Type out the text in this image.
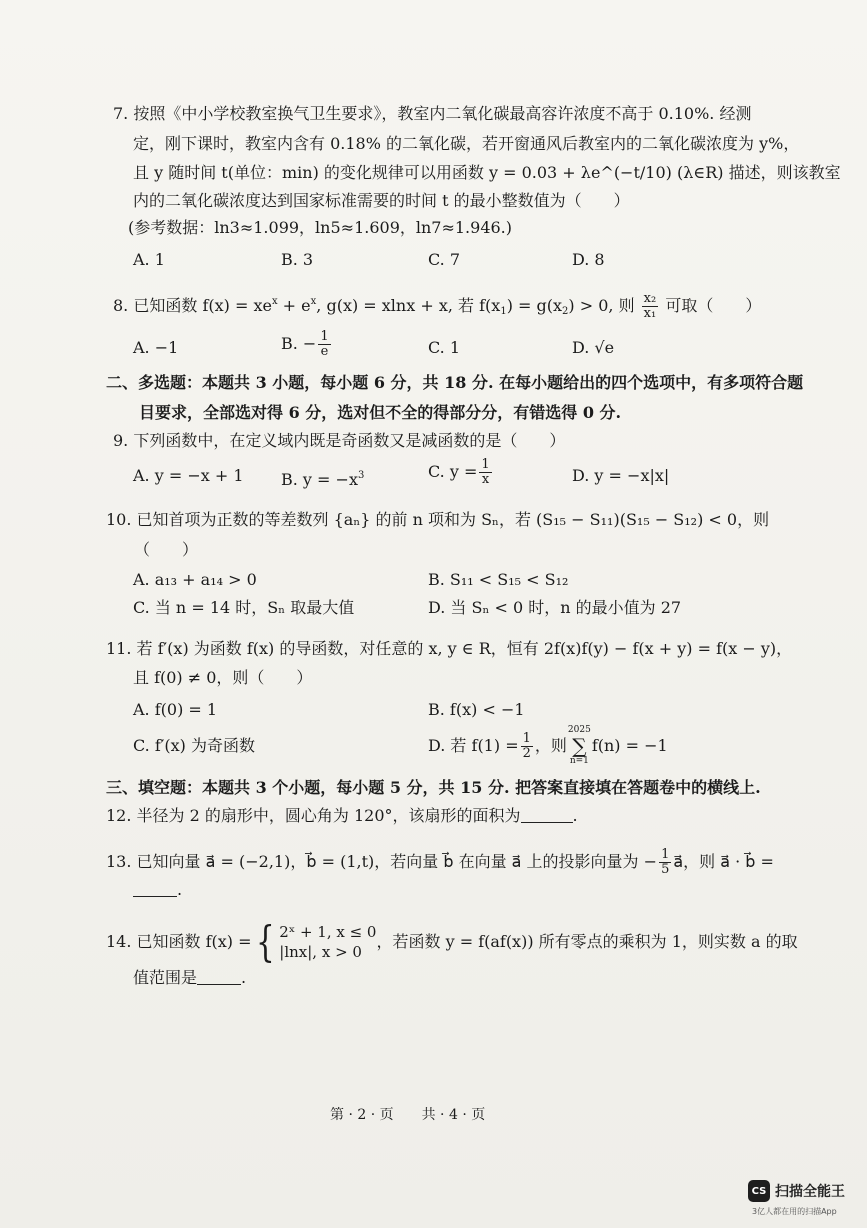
7. 按照《中小学校教室换气卫生要求》，教室内二氧化碳最高容许浓度不高于 0.10%. 经测
定，刚下课时，教室内含有 0.18% 的二氧化碳，若开窗通风后教室内的二氧化碳浓度为 y%，
且 y 随时间 t(单位：min) 的变化规律可以用函数 y = 0.03 + λe^(−t/10) (λ∈R) 描述，则该教室
内的二氧化碳浓度达到国家标准需要的时间 t 的最小整数值为（　　）
(参考数据：ln3≈1.099，ln5≈1.609，ln7≈1.946.)
A. 1	B. 3	C. 7	D. 8
8. 已知函数 $f(x) = xe^x + e^x$, g(x) = xlnx + x, 若 $f(x_1) = g(x_2) > 0$, 则 $\frac{\text{x₂}}{\text{x₁}}$ 可取（　　）
A. −1	B. − $\frac{1}{e}$	C. 1	D. √e
二、多选题：本题共 3 小题，每小题 6 分，共 18 分. 在每小题给出的四个选项中，有多项符合题
目要求，全部选对得 6 分，选对但不全的得部分分，有错选得 0 分.
9. 下列函数中，在定义域内既是奇函数又是减函数的是（　　）
A. y = −x + 1 B. $y = -x^3$	C. $y = \frac{1}{x}$	D. y = −x|x|
10. 已知首项为正数的等差数列 {aₙ} 的前 n 项和为 Sₙ，若 (S₁₅ − S₁₁)(S₁₅ − S₁₂) < 0，则
（　　）
A. a₁₃ + a₁₄ > 0	B. S₁₁ < S₁₅ < S₁₂
C. 当 n = 14 时，Sₙ 取最大值	D. 当 Sₙ < 0 时，n 的最小值为 27
11. 若 f′(x) 为函数 f(x) 的导函数，对任意的 x, y ∈ R，恒有 2f(x)f(y) − f(x + y) = f(x − y)，
且 f(0) ≠ 0，则（　　）
A. f(0) = 1	B. f(x) < −1
C. f′(x) 为奇函数	D. 若 $f(1) = \frac{1}{2}$ ，则
2025
∑
n=1
f(n) = −1
三、填空题：本题共 3 个小题，每小题 5 分，共 15 分. 把答案直接填在答题卷中的横线上.
12. 半径为 2 的扇形中，圆心角为 120°，该扇形的面积为	.
13. 已知向量 a⃗ = (−2,1)，b⃗ = (1,t)，若向量 b⃗ 在向量 a⃗ 上的投影向量为 − $\frac{1}{5}$ a⃗，则 a⃗ · b⃗ =
.
14. 已知函数 f(x) = { 2ˣ + 1, x ≤ 0
|lnx|, x > 0
，若函数 y = f(af(x)) 所有零点的乘积为 1，则实数 a 的取
值范围是	.
第 · 2 · 页　　共 · 4 · 页
CS 扫描全能王
3亿人都在用的扫描App
